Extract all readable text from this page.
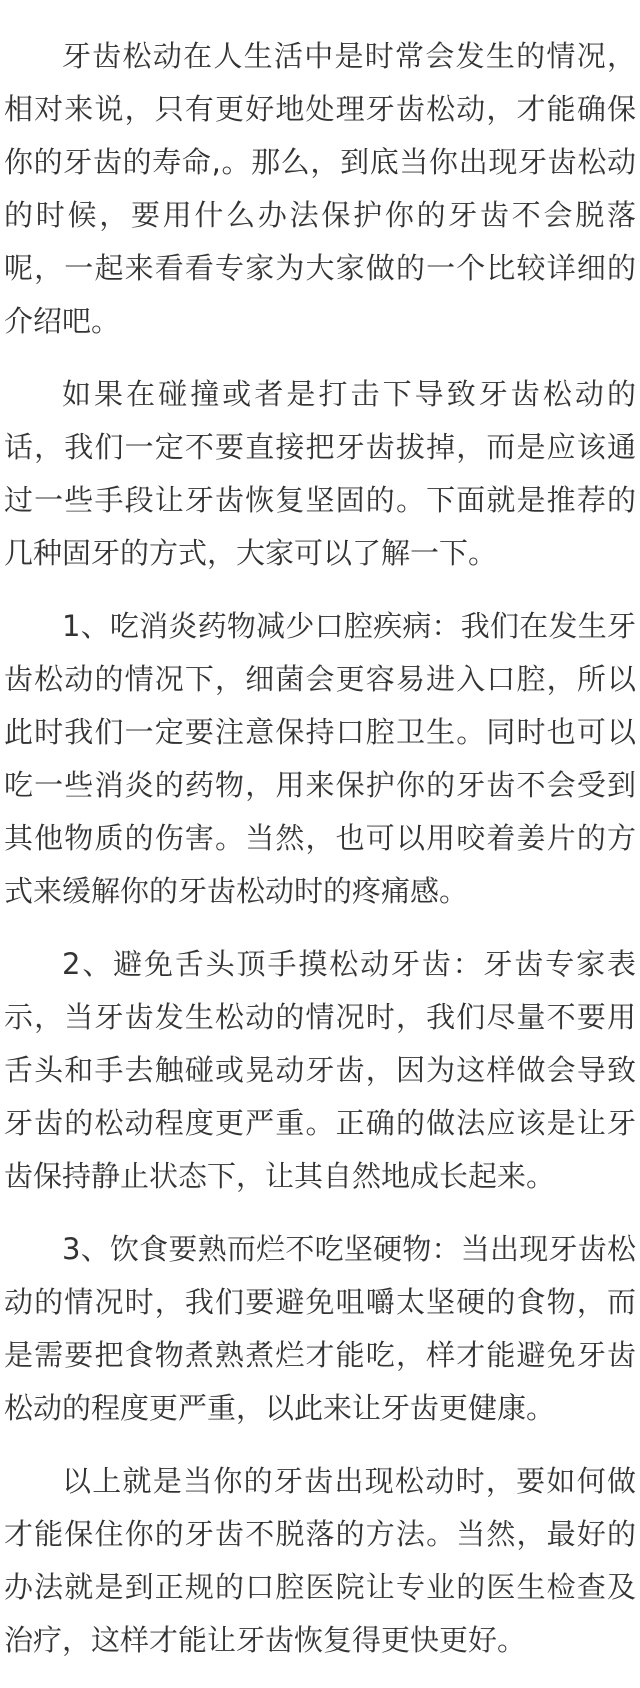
牙齿松动在人生活中是时常会发生的情况，相对来说，只有更好地处理牙齿松动，才能确保你的牙齿的寿命,。那么，到底当你出现牙齿松动的时候，要用什么办法保护你的牙齿不会脱落呢，一起来看看专家为大家做的一个比较详细的介绍吧。

如果在碰撞或者是打击下导致牙齿松动的话，我们一定不要直接把牙齿拔掉，而是应该通过一些手段让牙齿恢复坚固的。下面就是推荐的几种固牙的方式，大家可以了解一下。

1、吃消炎药物减少口腔疾病：我们在发生牙齿松动的情况下，细菌会更容易进入口腔，所以此时我们一定要注意保持口腔卫生。同时也可以吃一些消炎的药物，用来保护你的牙齿不会受到其他物质的伤害。当然，也可以用咬着姜片的方式来缓解你的牙齿松动时的疼痛感。

2、避免舌头顶手摸松动牙齿：牙齿专家表示，当牙齿发生松动的情况时，我们尽量不要用舌头和手去触碰或晃动牙齿，因为这样做会导致牙齿的松动程度更严重。正确的做法应该是让牙齿保持静止状态下，让其自然地成长起来。

3、饮食要熟而烂不吃坚硬物：当出现牙齿松动的情况时，我们要避免咀嚼太坚硬的食物，而是需要把食物煮熟煮烂才能吃，样才能避免牙齿松动的程度更严重，以此来让牙齿更健康。

以上就是当你的牙齿出现松动时，要如何做才能保住你的牙齿不脱落的方法。当然，最好的办法就是到正规的口腔医院让专业的医生检查及治疗，这样才能让牙齿恢复得更快更好。
